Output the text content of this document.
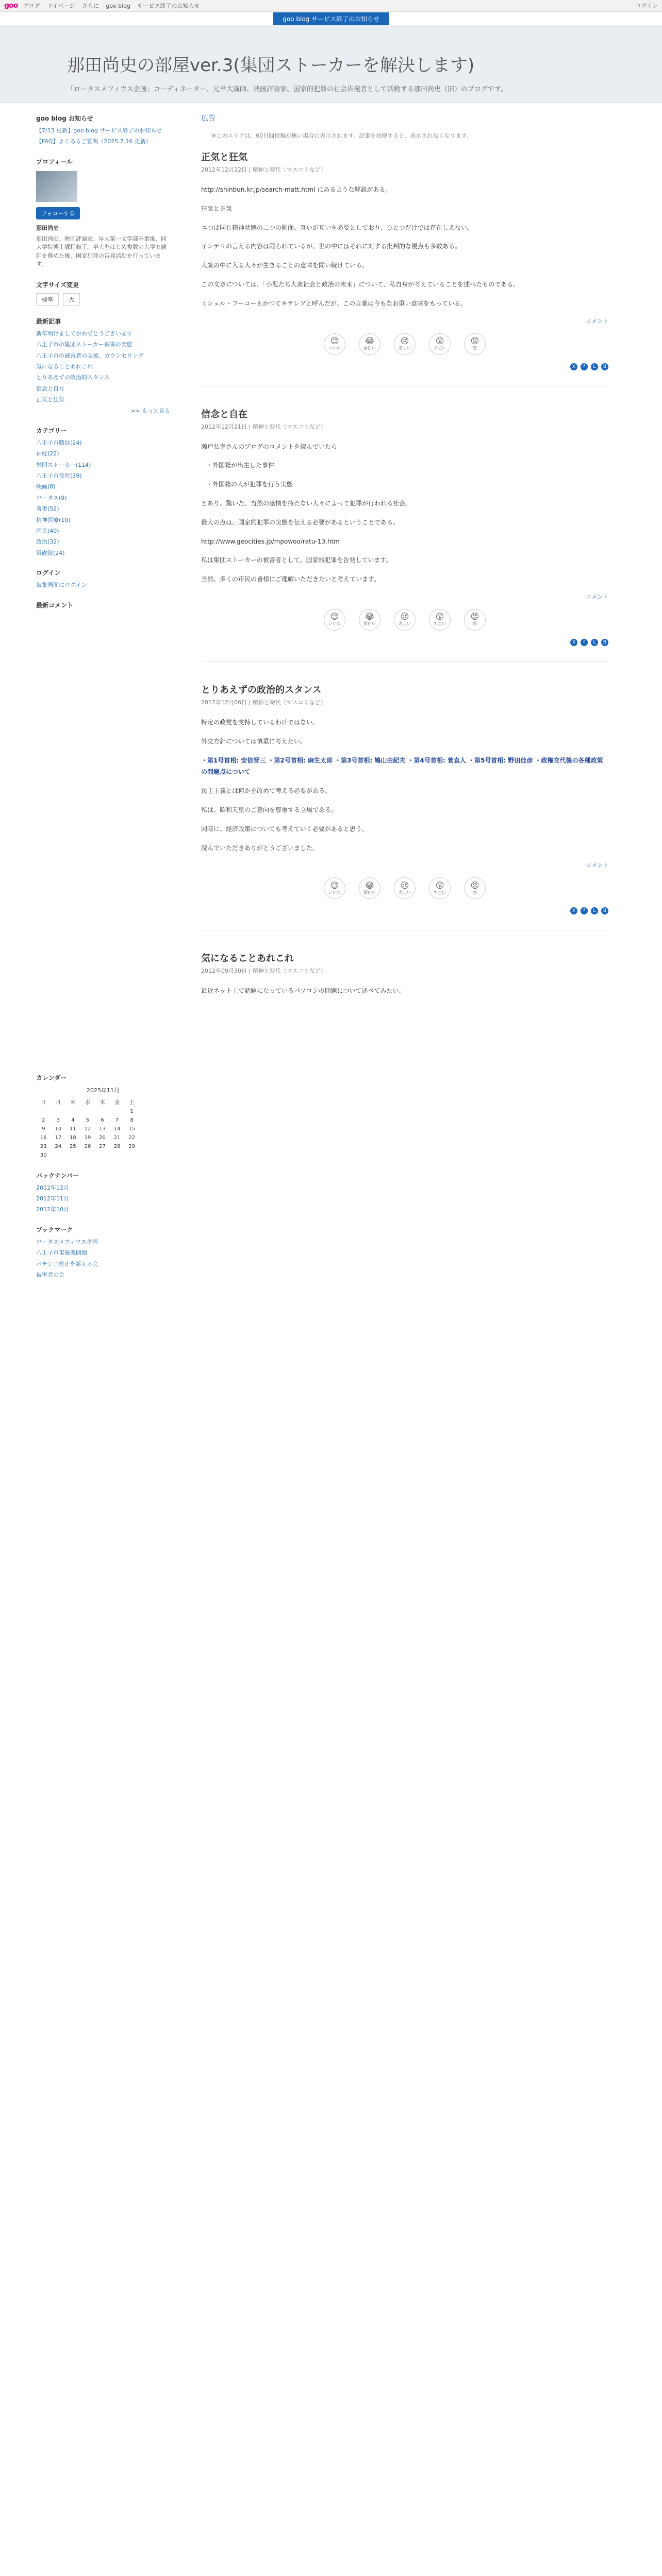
goo ブログ マイページ さらに goo blog サービス終了のお知らせ	ログイン
goo blog サービス終了のお知らせ
那田尚史の部屋ver.3(集団ストーカーを解決します)
「ロータスメフィウス企画」コーディネーター、元早大講師、映画評論家、国家的犯罪の社会告発者として活動する那田尚史（旧）のブログです。
goo blog お知らせ
【7/13 更新】goo blog サービス終了のお知らせ
【FAQ】よくあるご質問（2025.7.16 更新）
プロフィール
フォローする
那田尚史
那田尚史、映画評論家、早大第一文学部卒業後、同大学院博士課程修了。早大をはじめ複数の大学で講師を務めた後、国家犯罪の告発活動を行っています。
文字サイズ変更
標準	大
最新記事
新年明けましておめでとうございます
八王子市の集団ストーカー被害の実態
八王子市の被害者の支援、カウンセリング
気になることあれこれ
とりあえずの政治的スタンス
信念と自在
正気と狂気
>> もっと見る
カテゴリー
八王子市職員(24)
神経(22)
集団ストーカー(114)
八王子市役所(39)
映画(8)
ロータス(9)
著書(52)
精神医療(10)
国会(40)
政治(32)
電磁波(24)
ログイン
編集画面にログイン
最新コメント
カレンダー
2025年11月
日	月	火	水	木	金	土
						1
2	3	4	5	6	7	8
9	10	11	12	13	14	15
16	17	18	19	20	21	22
23	24	25	26	27	28	29
30						
バックナンバー
2012年12月
2012年11月
2012年10月
ブックマーク
ロータスメフィウス企画
八王子市電磁波問題
パチンコ廃止を訴える会
被害者の会
広告
※このエリアは、60日間投稿が無い場合に表示されます。記事を投稿すると、表示されなくなります。
正気と狂気
2012年12月22日 | 精神と時代（マスコミなど）

http://shinbun.kr.jp/search-matt.html にあるような解説がある。

狂気と正気

ニつは同じ精神状態の二つの側面。互いが互いを必要としており、ひとつだけでは存在しえない。

インテリの言える内容は限られているが、世の中にはそれに対する批判的な視点も多数ある。

大衆の中に入る人々が生きることの意味を問い続けている。

この文章については、「小児たち大衆社会と政治の未来」について、私自身が考えていることを述べたものである。

ミシェル・フーコーもかつてキテレツと呼んだが、この言葉は今もなお重い意味をもっている。

コメント
😊
いいね
😂
面白い
😢
悲しい
😲
すごい
😡
怒
X	f	L	B
信念と自在
2012年12月21日 | 精神と時代（マスコミなど）

瀬戸弘幸さんのブログのコメントを読んでいたら

・外国籍が出生した事件

・外国籍の人が犯罪を行う実態

とあり、驚いた。当然の感情を持たない人々によって犯罪が行われる社会。

最大の点は、国家的犯罪の実態を伝える必要があるということである。

http://www.geocities.jp/mpowoo/ratu-13.htm

私は集団ストーカーの被害者として、国家的犯罪を告発しています。

当然、多くの市民の皆様にご理解いただきたいと考えています。

コメント
😊
いいね
😂
面白い
😢
悲しい
😲
すごい
😡
怒
X	f	L	B
とりあえずの政治的スタンス
2012年12月06日 | 精神と時代（マスコミなど）

特定の政党を支持しているわけではない。

外交方針については慎重に考えたい。

・第1号首相: 安倍晋三 ・第2号首相: 麻生太郎 ・第3号首相: 鳩山由紀夫 ・第4号首相: 菅直人 ・第5号首相: 野田佳彦 ・政権交代後の各種政策の問題点について

民主主義とは何かを改めて考える必要がある。

私は、昭和天皇のご意向を尊重する立場である。

同時に、経済政策についても考えていく必要があると思う。

読んでいただきありがとうございました。

コメント
😊
いいね
😂
面白い
😢
悲しい
😲
すごい
😡
怒
X	f	L	B
気になることあれこれ
2012年09月30日 | 精神と時代（マスコミなど）

最近ネット上で話題になっているパソコンの問題について述べてみたい。
